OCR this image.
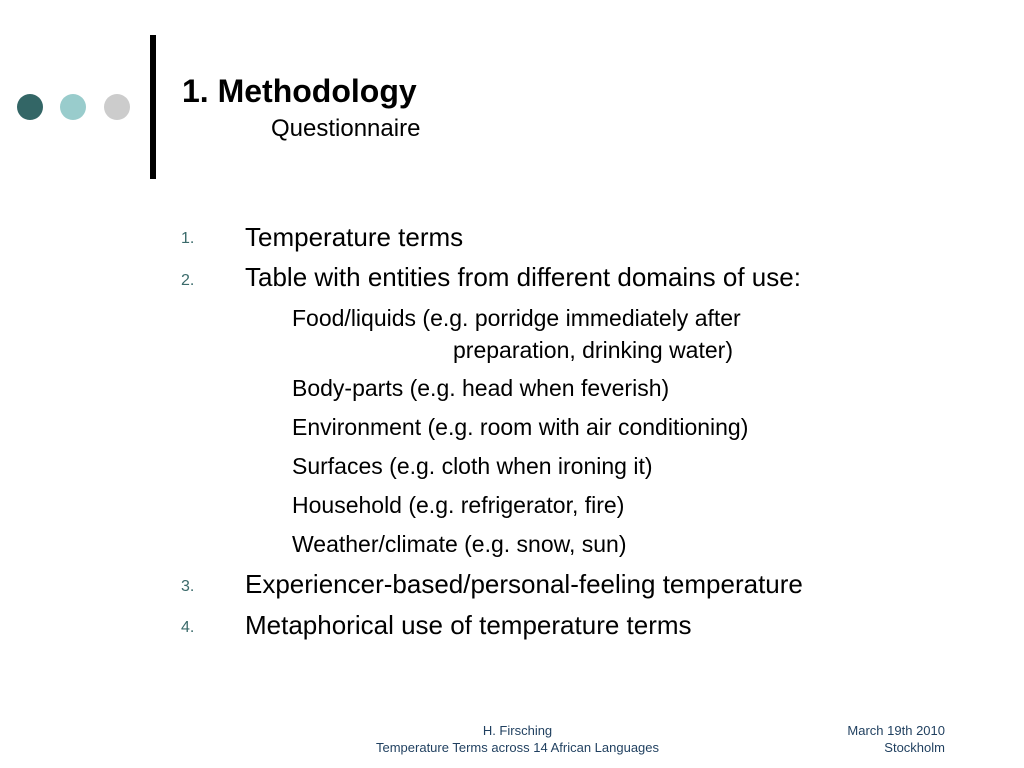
1. Methodology
Questionnaire
1. Temperature terms
2. Table with entities from different domains of use:
Food/liquids (e.g. porridge immediately after
preparation, drinking water)
Body-parts (e.g. head when feverish)
Environment (e.g. room with air conditioning)
Surfaces (e.g. cloth when ironing it)
Household (e.g. refrigerator, fire)
Weather/climate (e.g. snow, sun)
3. Experiencer-based/personal-feeling temperature
4. Metaphorical use of temperature terms
H. Firsching
Temperature Terms across 14 African Languages
March 19th 2010
Stockholm
